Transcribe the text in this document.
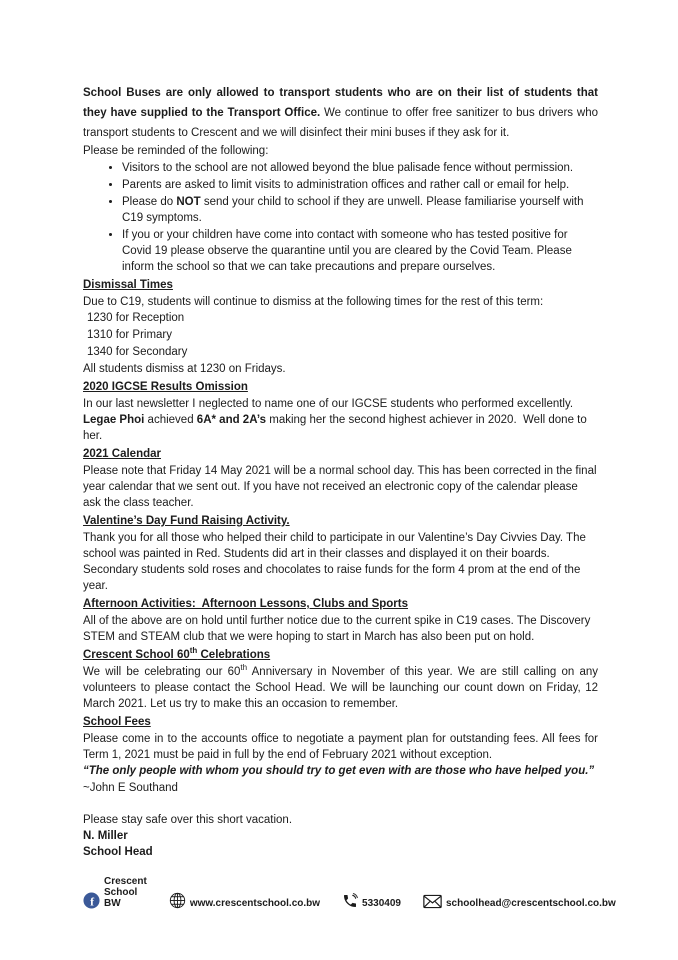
School Buses are only allowed to transport students who are on their list of students that they have supplied to the Transport Office. We continue to offer free sanitizer to bus drivers who transport students to Crescent and we will disinfect their mini buses if they ask for it.

Please be reminded of the following:

• Visitors to the school are not allowed beyond the blue palisade fence without permission.
• Parents are asked to limit visits to administration offices and rather call or email for help.
• Please do NOT send your child to school if they are unwell. Please familiarise yourself with C19 symptoms.
• If you or your children have come into contact with someone who has tested positive for Covid 19 please observe the quarantine until you are cleared by the Covid Team. Please inform the school so that we can take precautions and prepare ourselves.

Dismissal Times

Due to C19, students will continue to dismiss at the following times for the rest of this term:

1230 for Reception

1310 for Primary

1340 for Secondary

All students dismiss at 1230 on Fridays.

2020 IGCSE Results Omission

In our last newsletter I neglected to name one of our IGCSE students who performed excellently.
Legae Phoi achieved 6A* and 2A’s making her the second highest achiever in 2020.  Well done to her.

2021 Calendar

Please note that Friday 14 May 2021 will be a normal school day. This has been corrected in the final year calendar that we sent out. If you have not received an electronic copy of the calendar please ask the class teacher.

Valentine’s Day Fund Raising Activity.

Thank you for all those who helped their child to participate in our Valentine’s Day Civvies Day. The school was painted in Red. Students did art in their classes and displayed it on their boards. Secondary students sold roses and chocolates to raise funds for the form 4 prom at the end of the year.

Afternoon Activities:  Afternoon Lessons, Clubs and Sports

All of the above are on hold until further notice due to the current spike in C19 cases. The Discovery STEM and STEAM club that we were hoping to start in March has also been put on hold.

Crescent School 60th Celebrations

We will be celebrating our 60th Anniversary in November of this year. We are still calling on any volunteers to please contact the School Head. We will be launching our count down on Friday, 12 March 2021. Let us try to make this an occasion to remember.

School Fees

Please come in to the accounts office to negotiate a payment plan for outstanding fees. All fees for Term 1, 2021 must be paid in full by the end of February 2021 without exception.

“The only people with whom you should try to get even with are those who have helped you.”

~John E Southand

Please stay safe over this short vacation.

N. Miller

School Head

f
Crescent School BW	www.crescentschool.co.bw	5330409	schoolhead@crescentschool.co.bw
